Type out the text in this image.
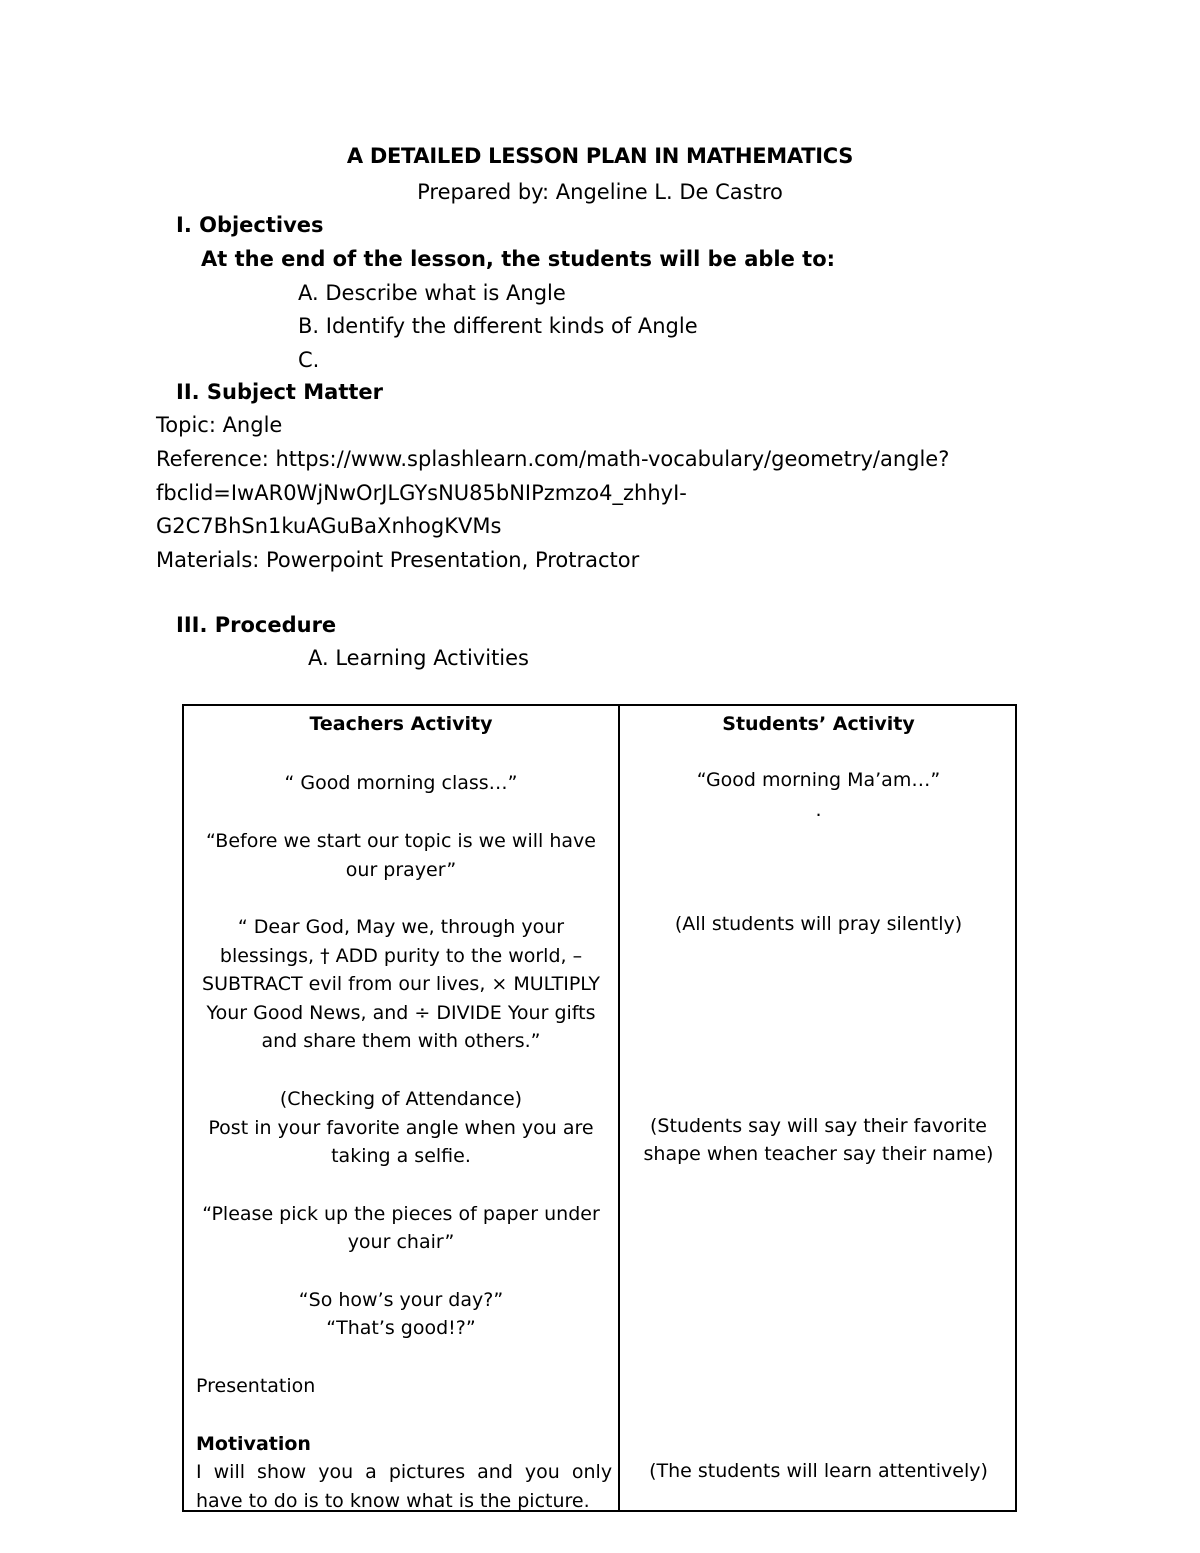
A DETAILED LESSON PLAN IN MATHEMATICS
Prepared by: Angeline L. De Castro
I. Objectives
At the end of the lesson, the students will be able to:
A. Describe what is Angle
B. Identify the different kinds of Angle
C.
II. Subject Matter
Topic: Angle
Reference: https://www.splashlearn.com/math-vocabulary/geometry/angle?
fbclid=IwAR0WjNwOrJLGYsNU85bNIPzmzo4_zhhyI-
G2C7BhSn1kuAGuBaXnhogKVMs
Materials: Powerpoint Presentation, Protractor
III. Procedure
A. Learning Activities
Teachers Activity
“ Good morning class…”
“Before we start our topic is we will have
our prayer”
“ Dear God, May we, through your
blessings, † ADD purity to the world, –
SUBTRACT evil from our lives, × MULTIPLY
Your Good News, and ÷ DIVIDE Your gifts
and share them with others.”
(Checking of Attendance)
Post in your favorite angle when you are
taking a selfie.
“Please pick up the pieces of paper under
your chair”
“So how’s your day?”
“That’s good!?”
Presentation
Motivation
I will show you a pictures and you only
have to do is to know what is the picture.
Students’ Activity
“Good morning Ma’am…”
.
(All students will pray silently)
(Students say will say their favorite
shape when teacher say their name)
(The students will learn attentively)
